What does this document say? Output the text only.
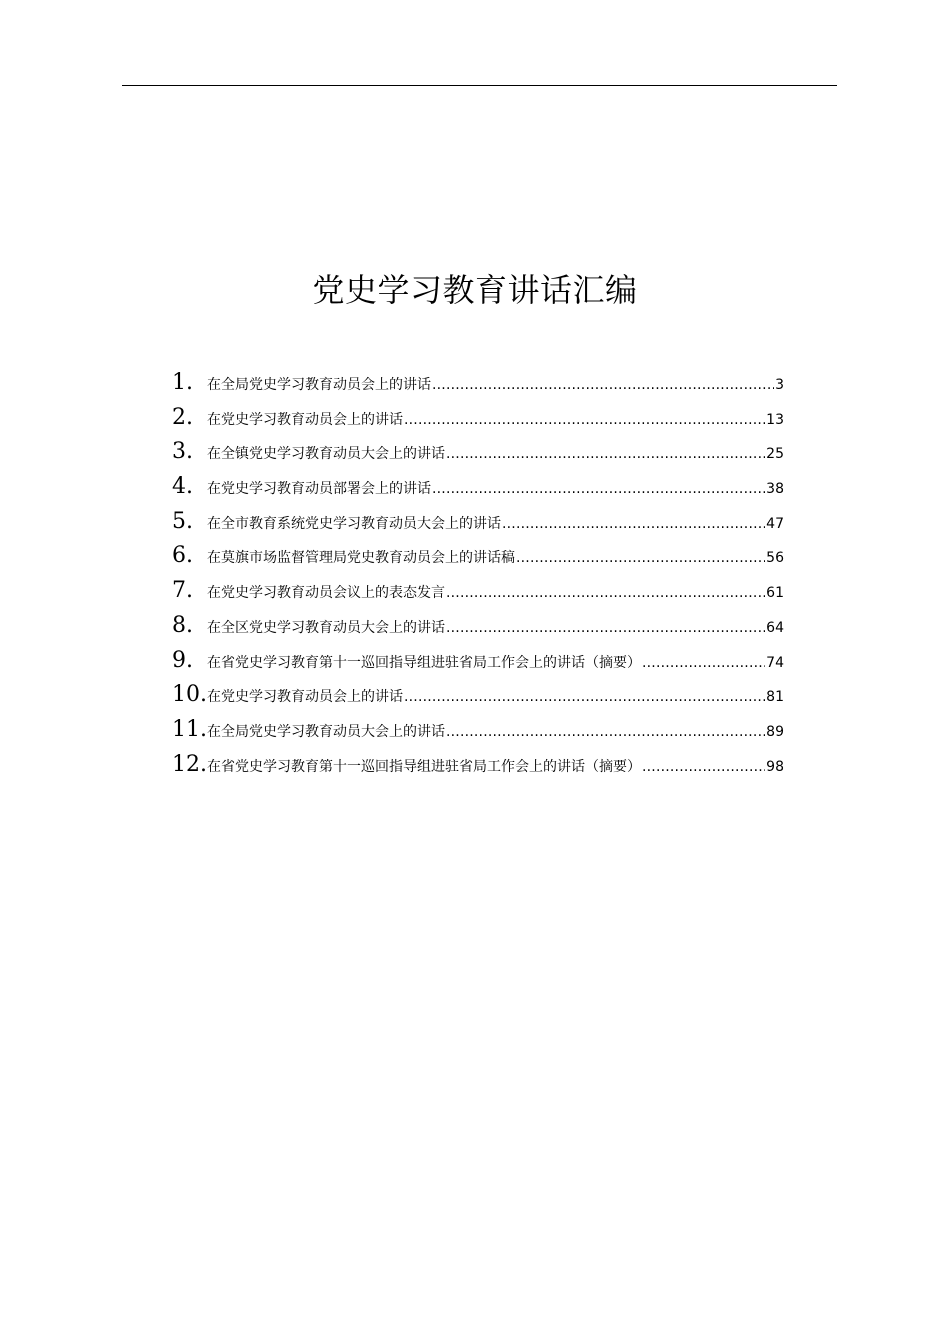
党史学习教育讲话汇编
1.	在全局党史学习教育动员会上的讲话 .....	3
2.	在党史学习教育动员会上的讲话 .....	13
3.	在全镇党史学习教育动员大会上的讲话 .....	25
4.	在党史学习教育动员部署会上的讲话 .....	38
5.	在全市教育系统党史学习教育动员大会上的讲话 .....	47
6.	在莫旗市场监督管理局党史教育动员会上的讲话稿 .....	56
7.	在党史学习教育动员会议上的表态发言 .....	61
8.	在全区党史学习教育动员大会上的讲话 .....	64
9.	在省党史学习教育第十一巡回指导组进驻省局工作会上的讲话（摘要） .....	74
10. 在党史学习教育动员会上的讲话 .....	81
11. 在全局党史学习教育动员大会上的讲话 .....	89
12. 在省党史学习教育第十一巡回指导组进驻省局工作会上的讲话（摘要） .....	98
